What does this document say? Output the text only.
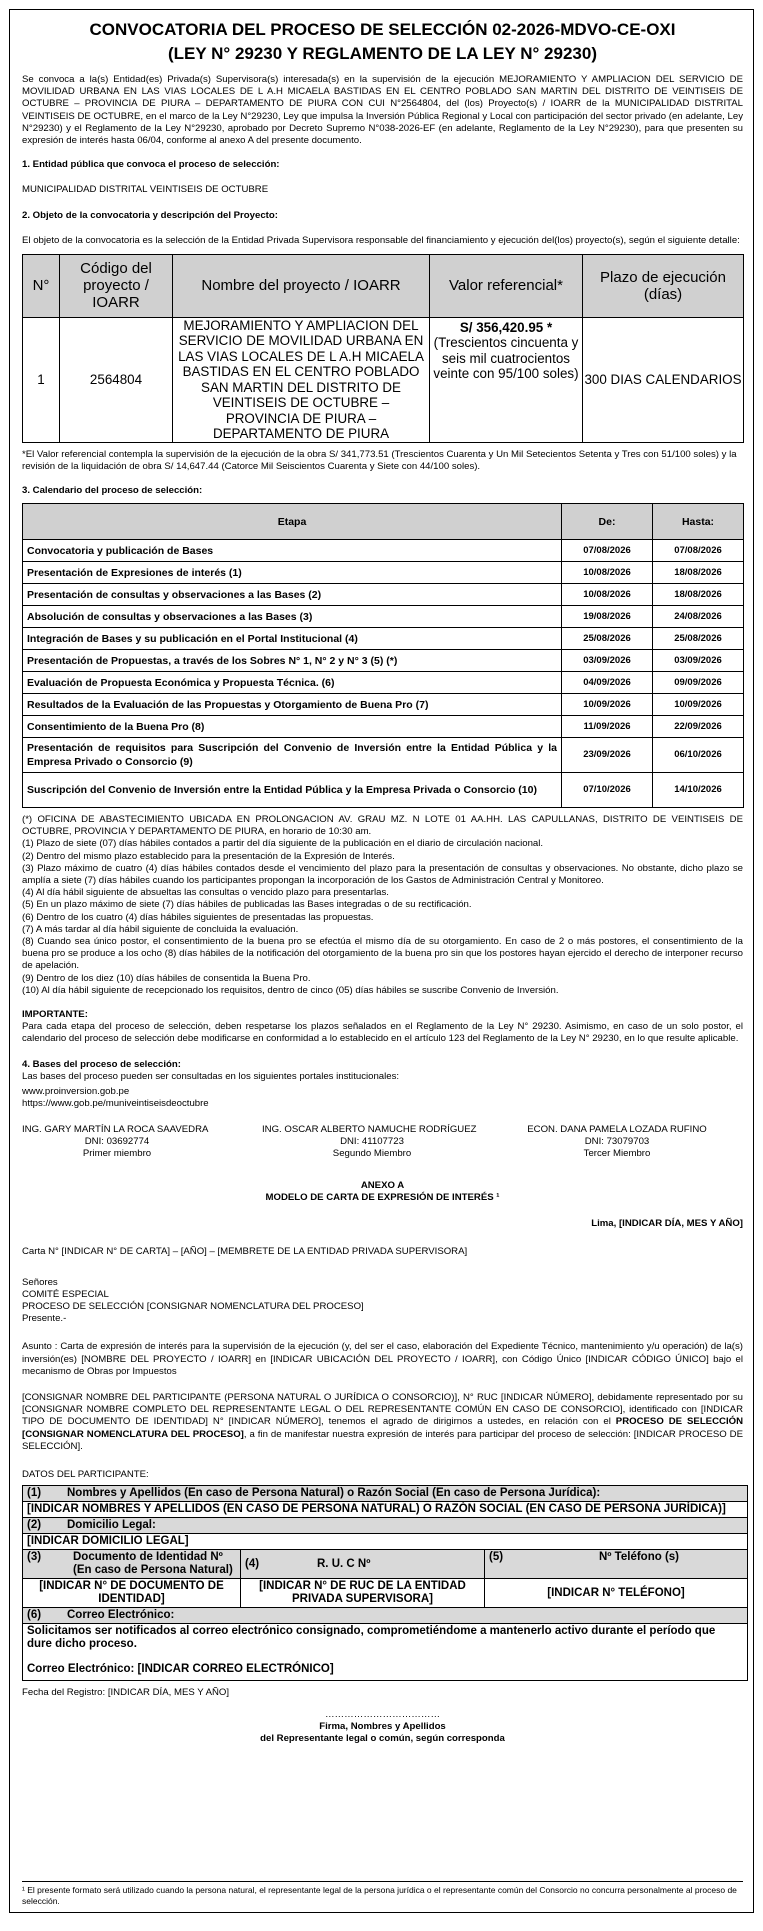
CONVOCATORIA DEL PROCESO DE SELECCIÓN 02-2026-MDVO-CE-OXI
(LEY N° 29230 Y REGLAMENTO DE LA LEY N° 29230)

Se convoca a la(s) Entidad(es) Privada(s) Supervisora(s) interesada(s) en la supervisión de la ejecución MEJORAMIENTO Y AMPLIACION DEL SERVICIO DE MOVILIDAD URBANA EN LAS VIAS LOCALES DE L A.H MICAELA BASTIDAS EN EL CENTRO POBLADO SAN MARTIN DEL DISTRITO DE VEINTISEIS DE OCTUBRE – PROVINCIA DE PIURA – DEPARTAMENTO DE PIURA CON CUI N°2564804, del (los) Proyecto(s) / IOARR de la MUNICIPALIDAD DISTRITAL VEINTISEIS DE OCTUBRE, en el marco de la Ley N°29230, Ley que impulsa la Inversión Pública Regional y Local con participación del sector privado (en adelante, Ley N°29230) y el Reglamento de la Ley N°29230, aprobado por Decreto Supremo N°038-2026-EF (en adelante, Reglamento de la Ley N°29230), para que presenten su expresión de interés hasta 06/04, conforme al anexo A del presente documento.

1. Entidad pública que convoca el proceso de selección:

MUNICIPALIDAD DISTRITAL VEINTISEIS DE OCTUBRE

2. Objeto de la convocatoria y descripción del Proyecto:

El objeto de la convocatoria es la selección de la Entidad Privada Supervisora responsable del financiamiento y ejecución del(los) proyecto(s), según el siguiente detalle:

N°	Código del proyecto / IOARR	Nombre del proyecto / IOARR	Valor referencial*	Plazo de ejecución (días)
1	2564804	MEJORAMIENTO Y AMPLIACION DEL SERVICIO DE MOVILIDAD URBANA EN LAS VIAS LOCALES DE L A.H MICAELA BASTIDAS EN EL CENTRO POBLADO SAN MARTIN DEL DISTRITO DE VEINTISEIS DE OCTUBRE – PROVINCIA DE PIURA – DEPARTAMENTO DE PIURA	S/ 356,420.95 *
(Trescientos cincuenta y seis mil cuatrocientos veinte con 95/100 soles)	300 DIAS CALENDARIOS

*El Valor referencial contempla la supervisión de la ejecución de la obra S/ 341,773.51 (Trescientos Cuarenta y Un Mil Setecientos Setenta y Tres con 51/100 soles) y la revisión de la liquidación de obra S/ 14,647.44 (Catorce Mil Seiscientos Cuarenta y Siete con 44/100 soles).

3. Calendario del proceso de selección:

Etapa	De:	Hasta:
Convocatoria y publicación de Bases	07/08/2026	07/08/2026
Presentación de Expresiones de interés (1)	10/08/2026	18/08/2026
Presentación de consultas y observaciones a las Bases (2)	10/08/2026	18/08/2026
Absolución de consultas y observaciones a las Bases (3)	19/08/2026	24/08/2026
Integración de Bases y su publicación en el Portal Institucional (4)	25/08/2026	25/08/2026
Presentación de Propuestas, a través de los Sobres N° 1, N° 2 y N° 3 (5) (*)	03/09/2026	03/09/2026
Evaluación de Propuesta Económica y Propuesta Técnica. (6)	04/09/2026	09/09/2026
Resultados de la Evaluación de las Propuestas y Otorgamiento de Buena Pro (7)	10/09/2026	10/09/2026
Consentimiento de la Buena Pro (8)	11/09/2026	22/09/2026
Presentación de requisitos para Suscripción del Convenio de Inversión entre la Entidad Pública y la Empresa Privado o Consorcio (9)	23/09/2026	06/10/2026
Suscripción del Convenio de Inversión entre la Entidad Pública y la Empresa Privada o Consorcio (10)	07/10/2026	14/10/2026

(*) OFICINA DE ABASTECIMIENTO UBICADA EN PROLONGACION AV. GRAU MZ. N LOTE 01 AA.HH. LAS CAPULLANAS, DISTRITO DE VEINTISEIS DE OCTUBRE, PROVINCIA Y DEPARTAMENTO DE PIURA, en horario de 10:30 am.

(1) Plazo de siete (07) días hábiles contados a partir del día siguiente de la publicación en el diario de circulación nacional.

(2) Dentro del mismo plazo establecido para la presentación de la Expresión de Interés.

(3) Plazo máximo de cuatro (4) días hábiles contados desde el vencimiento del plazo para la presentación de consultas y observaciones. No obstante, dicho plazo se amplía a siete (7) días hábiles cuando los participantes propongan la incorporación de los Gastos de Administración Central y Monitoreo.

(4) Al día hábil siguiente de absueltas las consultas o vencido plazo para presentarlas.

(5) En un plazo máximo de siete (7) días hábiles de publicadas las Bases integradas o de su rectificación.

(6) Dentro de los cuatro (4) días hábiles siguientes de presentadas las propuestas.

(7) A más tardar al día hábil siguiente de concluida la evaluación.

(8) Cuando sea único postor, el consentimiento de la buena pro se efectúa el mismo día de su otorgamiento. En caso de 2 o más postores, el consentimiento de la buena pro se produce a los ocho (8) días hábiles de la notificación del otorgamiento de la buena pro sin que los postores hayan ejercido el derecho de interponer recurso de apelación.

(9) Dentro de los diez (10) días hábiles de consentida la Buena Pro.

(10) Al día hábil siguiente de recepcionado los requisitos, dentro de cinco (05) días hábiles se suscribe Convenio de Inversión.

IMPORTANTE:

Para cada etapa del proceso de selección, deben respetarse los plazos señalados en el Reglamento de la Ley N° 29230. Asimismo, en caso de un solo postor, el calendario del proceso de selección debe modificarse en conformidad a lo establecido en el artículo 123 del Reglamento de la Ley N° 29230, en lo que resulte aplicable.

4. Bases del proceso de selección:

Las bases del proceso pueden ser consultadas en los siguientes portales institucionales:

www.proinversion.gob.pe

https://www.gob.pe/muniveintiseisdeoctubre

ING. GARY MARTÍN LA ROCA SAAVEDRA
DNI: 03692774
Primer miembro
ING. OSCAR ALBERTO NAMUCHE RODRÍGUEZ
DNI: 41107723
Segundo Miembro
ECON. DANA PAMELA LOZADA RUFINO
DNI: 73079703
Tercer Miembro
ANEXO A
MODELO DE CARTA DE EXPRESIÓN DE INTERÉS ¹

Lima, [INDICAR DÍA, MES Y AÑO]

Carta N° [INDICAR N° DE CARTA] – [AÑO] – [MEMBRETE DE LA ENTIDAD PRIVADA SUPERVISORA]

Señores

COMITÉ ESPECIAL

PROCESO DE SELECCIÓN [CONSIGNAR NOMENCLATURA DEL PROCESO]

Presente.-

Asunto : Carta de expresión de interés para la supervisión de la ejecución (y, del ser el caso, elaboración del Expediente Técnico, mantenimiento y/u operación) de la(s) inversión(es) [NOMBRE DEL PROYECTO / IOARR] en [INDICAR UBICACIÓN DEL PROYECTO / IOARR], con Código Único [INDICAR CÓDIGO ÚNICO] bajo el mecanismo de Obras por Impuestos

[CONSIGNAR NOMBRE DEL PARTICIPANTE (PERSONA NATURAL O JURÍDICA O CONSORCIO)], N° RUC [INDICAR NÚMERO], debidamente representado por su [CONSIGNAR NOMBRE COMPLETO DEL REPRESENTANTE LEGAL O DEL REPRESENTANTE COMÚN EN CASO DE CONSORCIO], identificado con [INDICAR TIPO DE DOCUMENTO DE IDENTIDAD] N° [INDICAR NÚMERO], tenemos el agrado de dirigirnos a ustedes, en relación con el PROCESO DE SELECCIÓN [CONSIGNAR NOMENCLATURA DEL PROCESO], a fin de manifestar nuestra expresión de interés para participar del proceso de selección: [INDICAR PROCESO DE SELECCIÓN].

DATOS DEL PARTICIPANTE:

(1) Nombres y Apellidos (En caso de Persona Natural) o Razón Social (En caso de Persona Jurídica):					
[INDICAR NOMBRES Y APELLIDOS (EN CASO DE PERSONA NATURAL) O RAZÓN SOCIAL (EN CASO DE PERSONA JURÍDICA)]					
(2) Domicilio Legal:					
[INDICAR DOMICILIO LEGAL]					
(3)	Documento de Identidad Nº (En caso de Persona Natural)	(4)	R. U. C Nº	(5)	Nº Teléfono (s)
[INDICAR N° DE DOCUMENTO DE IDENTIDAD]		[INDICAR N° DE RUC DE LA ENTIDAD PRIVADA SUPERVISORA]		[INDICAR N° TELÉFONO]	
(6) Correo Electrónico:					

Solicitamos ser notificados al correo electrónico consignado, comprometiéndome a mantenerlo activo durante el período que dure dicho proceso.
Correo Electrónico: [INDICAR CORREO ELECTRÓNICO]					

Fecha del Registro: [INDICAR DÍA, MES Y AÑO]

………………………………
Firma, Nombres y Apellidos
del Representante legal o común, según corresponda
¹ El presente formato será utilizado cuando la persona natural, el representante legal de la persona jurídica o el representante común del Consorcio no concurra personalmente al proceso de selección.
